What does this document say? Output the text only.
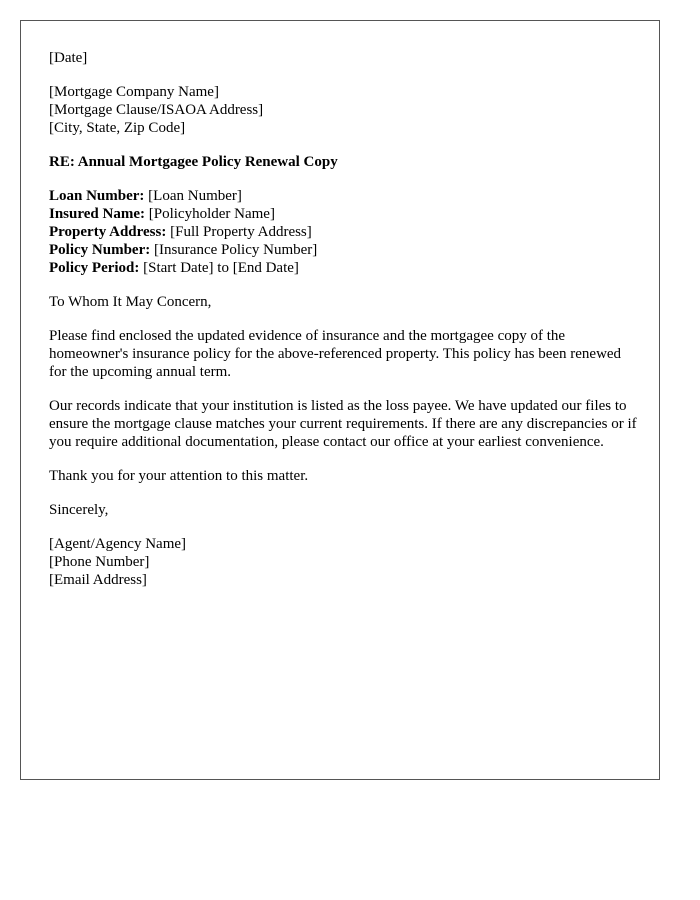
[Date]
[Mortgage Company Name]
[Mortgage Clause/ISAOA Address]
[City, State, Zip Code]
RE: Annual Mortgagee Policy Renewal Copy
Loan Number: [Loan Number]
Insured Name: [Policyholder Name]
Property Address: [Full Property Address]
Policy Number: [Insurance Policy Number]
Policy Period: [Start Date] to [End Date]
To Whom It May Concern,

Please find enclosed the updated evidence of insurance and the mortgagee copy of the homeowner's insurance policy for the above-referenced property. This policy has been renewed for the upcoming annual term.

Our records indicate that your institution is listed as the loss payee. We have updated our files to ensure the mortgage clause matches your current requirements. If there are any discrepancies or if you require additional documentation, please contact our office at your earliest convenience.

Thank you for your attention to this matter.

Sincerely,
[Agent/Agency Name]
[Phone Number]
[Email Address]
